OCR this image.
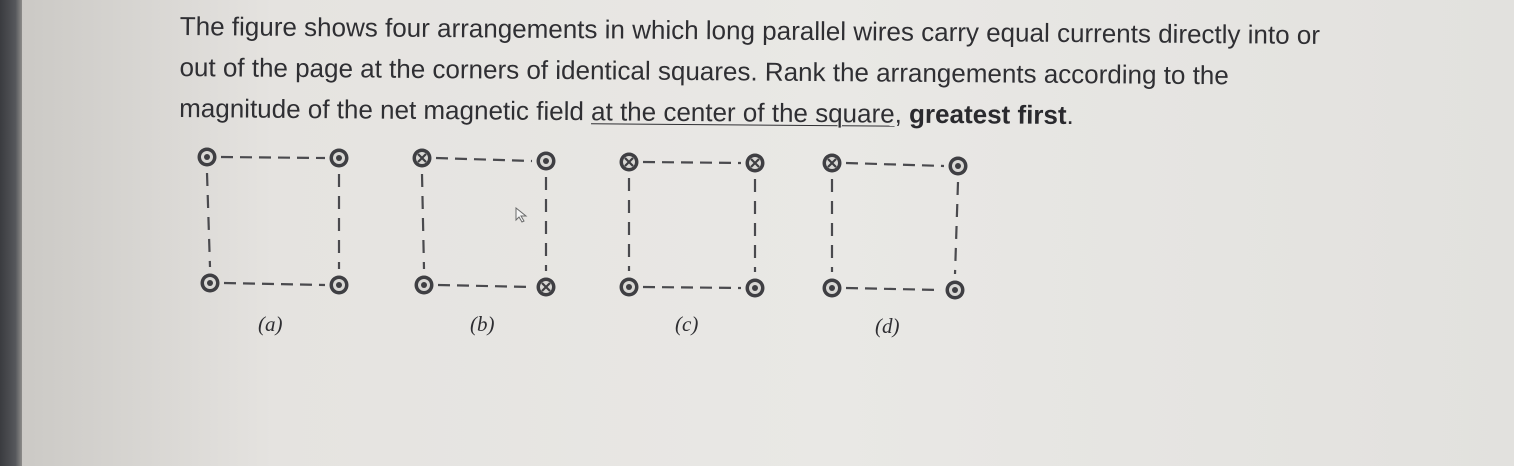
The figure shows four arrangements in which long parallel wires carry equal currents directly into or
out of the page at the corners of identical squares. Rank the arrangements according to the
magnitude of the net magnetic field at the center of the square, greatest first.
(a)	(b)	(c)	(d)
